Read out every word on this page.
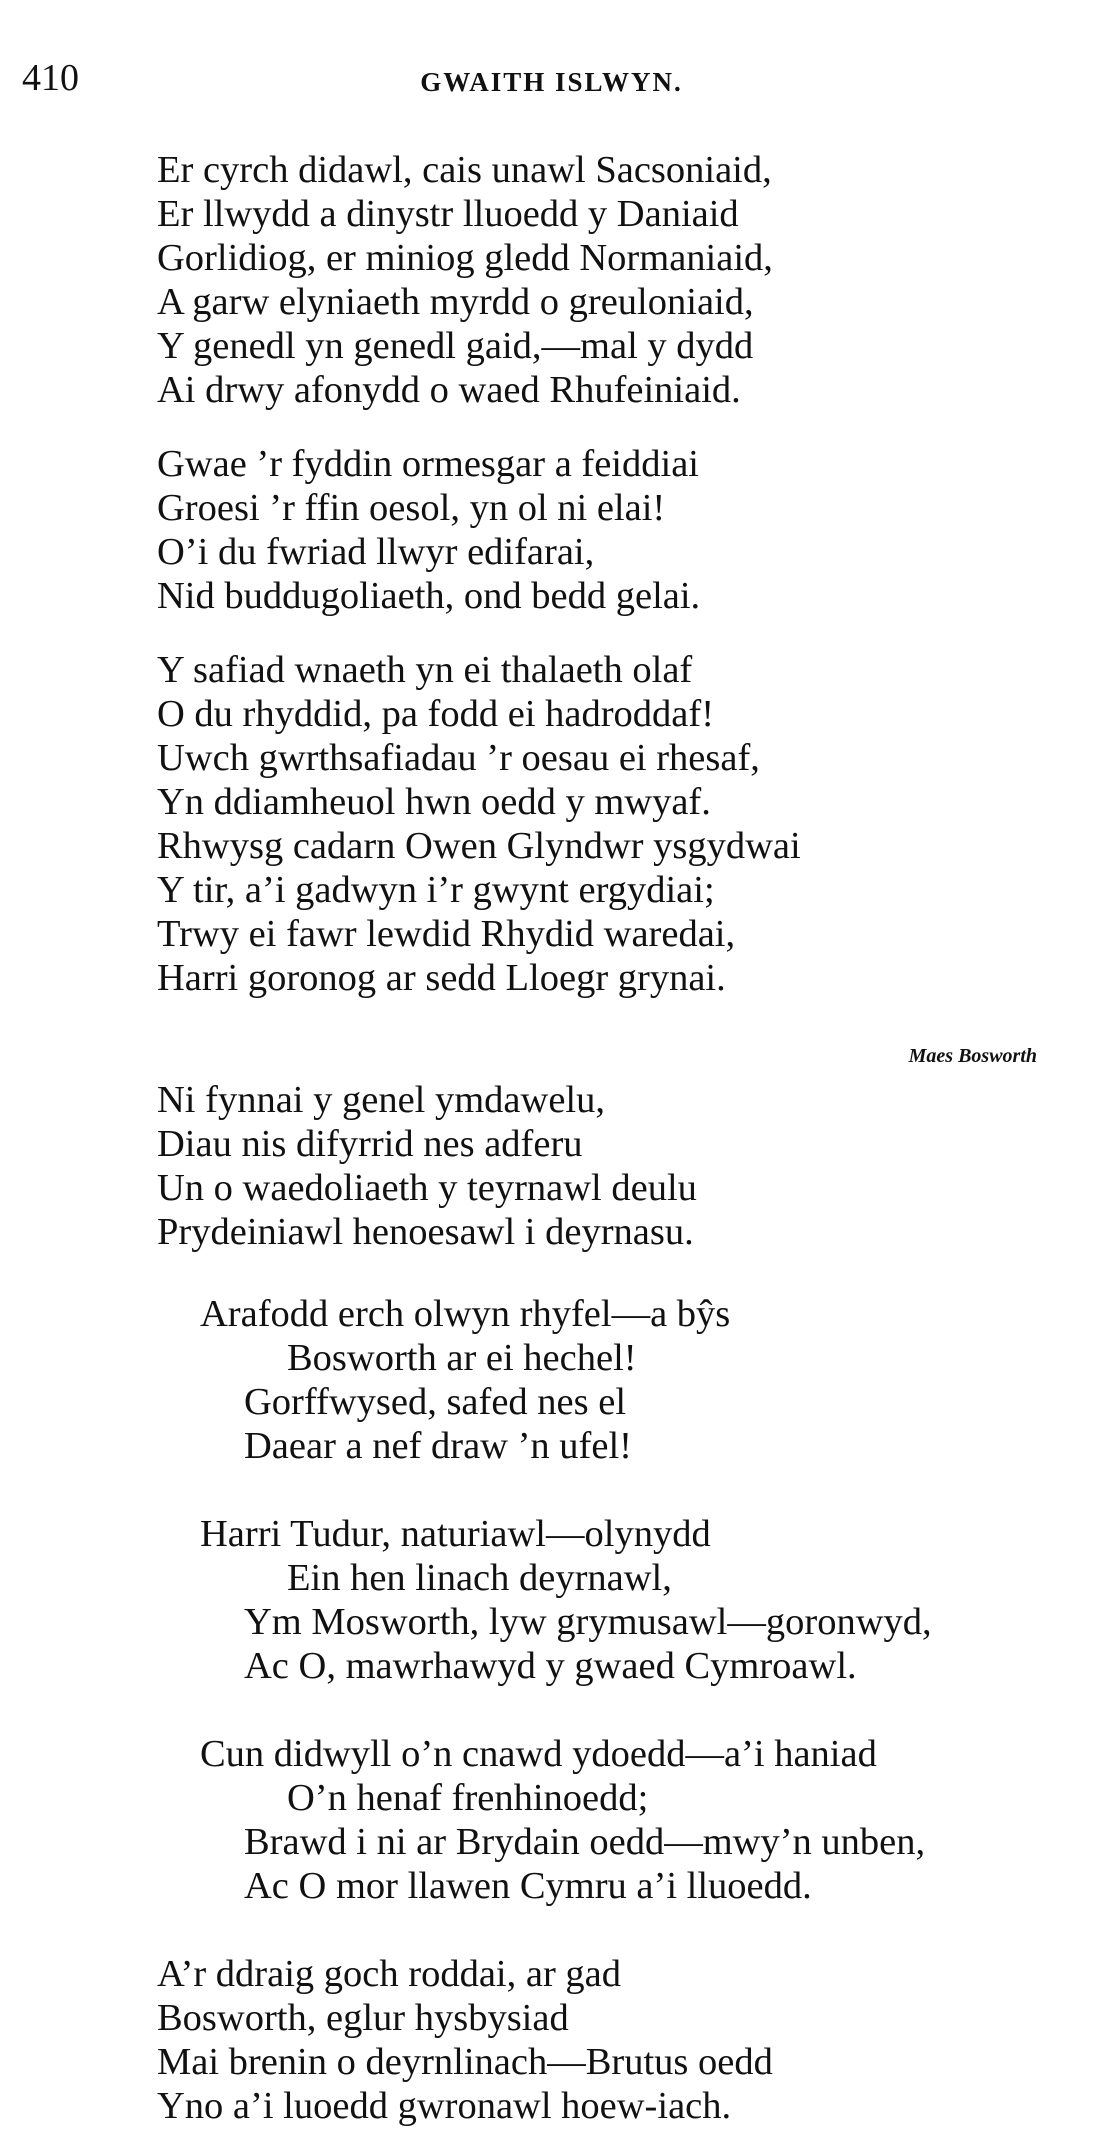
410	GWAITH ISLWYN.
Er cyrch didawl, cais unawl Sacsoniaid,
Er llwydd a dinystr lluoedd y Daniaid
Gorlidiog, er miniog gledd Normaniaid,
A garw elyniaeth myrdd o greuloniaid,
Y genedl yn genedl gaid,—mal y dydd
Ai drwy afonydd o waed Rhufeiniaid.
Gwae ’r fyddin ormesgar a feiddiai
Groesi ’r ffin oesol, yn ol ni elai!
O’i du fwriad llwyr edifarai,
Nid buddugoliaeth, ond bedd gelai.
Y safiad wnaeth yn ei thalaeth olaf
O du rhyddid, pa fodd ei hadroddaf!
Uwch gwrthsafiadau ’r oesau ei rhesaf,
Yn ddiamheuol hwn oedd y mwyaf.
Rhwysg cadarn Owen Glyndwr ysgydwai
Y tir, a’i gadwyn i’r gwynt ergydiai;
Trwy ei fawr lewdid Rhydid waredai,
Harri goronog ar sedd Lloegr grynai.
Maes Bosworth
Ni fynnai y genel ymdawelu,
Diau nis difyrrid nes adferu
Un o waedoliaeth y teyrnawl deulu
Prydeiniawl henoesawl i deyrnasu.
Arafodd erch olwyn rhyfel—a bŷs
Bosworth ar ei hechel!
Gorffwysed, safed nes el
Daear a nef draw ’n ufel!
Harri Tudur, naturiawl—olynydd
Ein hen linach deyrnawl,
Ym Mosworth, lyw grymusawl—goronwyd,
Ac O, mawrhawyd y gwaed Cymroawl.
Cun didwyll o’n cnawd ydoedd—a’i haniad
O’n henaf frenhinoedd;
Brawd i ni ar Brydain oedd—mwy’n unben,
Ac O mor llawen Cymru a’i lluoedd.
A’r ddraig goch roddai, ar gad
Bosworth, eglur hysbysiad
Mai brenin o deyrnlinach—Brutus oedd
Yno a’i luoedd gwronawl hoew-iach.
